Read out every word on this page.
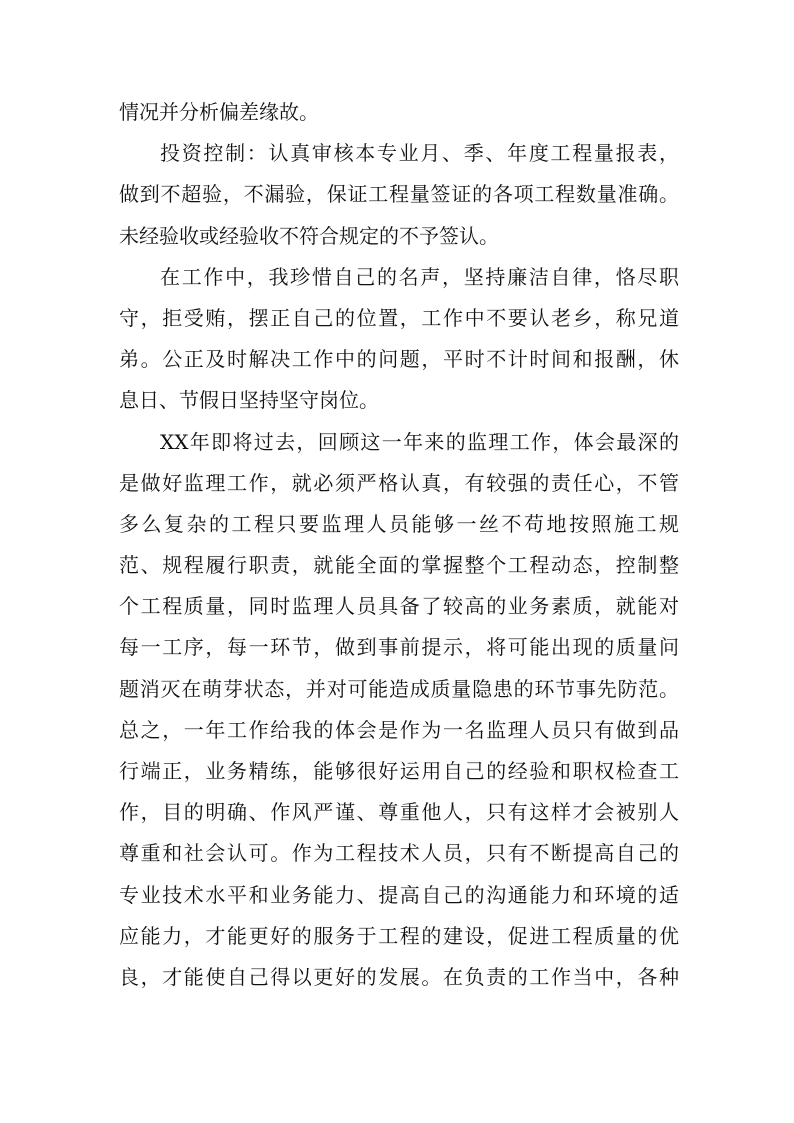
情况并分析偏差缘故。
投资控制：认真审核本专业月、季、年度工程量报表，
做到不超验，不漏验，保证工程量签证的各项工程数量准确。
未经验收或经验收不符合规定的不予签认。
在工作中，我珍惜自己的名声，坚持廉洁自律，恪尽职
守，拒受贿，摆正自己的位置，工作中不要认老乡，称兄道
弟。公正及时解决工作中的问题，平时不计时间和报酬，休
息日、节假日坚持坚守岗位。
XX年即将过去，回顾这一年来的监理工作，体会最深的
是做好监理工作，就必须严格认真，有较强的责任心，不管
多么复杂的工程只要监理人员能够一丝不苟地按照施工规
范、规程履行职责，就能全面的掌握整个工程动态，控制整
个工程质量，同时监理人员具备了较高的业务素质，就能对
每一工序，每一环节，做到事前提示，将可能出现的质量问
题消灭在萌芽状态，并对可能造成质量隐患的环节事先防范。
总之，一年工作给我的体会是作为一名监理人员只有做到品
行端正，业务精练，能够很好运用自己的经验和职权检查工
作，目的明确、作风严谨、尊重他人，只有这样才会被别人
尊重和社会认可。作为工程技术人员，只有不断提高自己的
专业技术水平和业务能力、提高自己的沟通能力和环境的适
应能力，才能更好的服务于工程的建设，促进工程质量的优
良，才能使自己得以更好的发展。在负责的工作当中，各种
